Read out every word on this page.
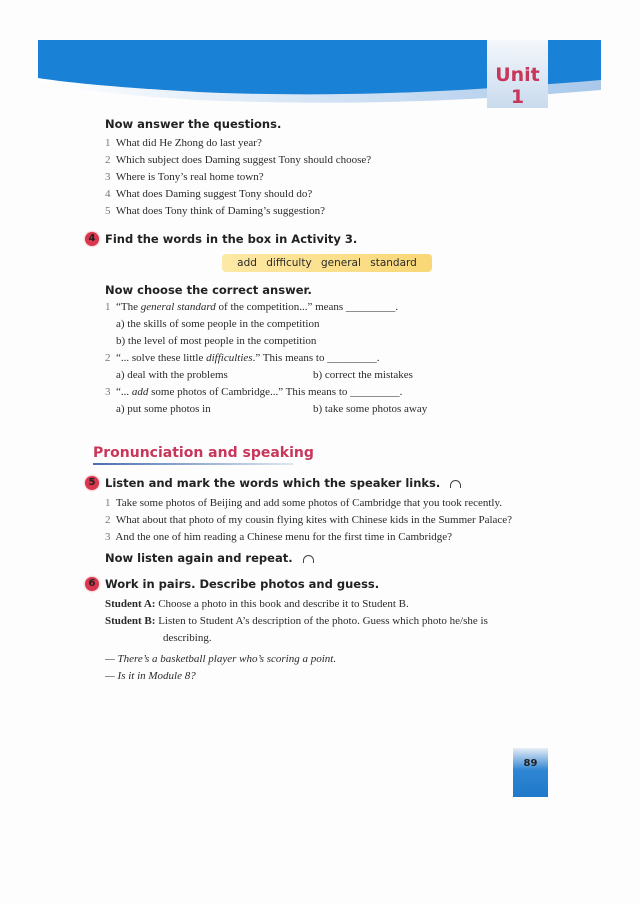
Unit 1
Now answer the questions.
1 What did He Zhong do last year?
2 Which subject does Daming suggest Tony should choose?
3 Where is Tony’s real home town?
4 What does Daming suggest Tony should do?
5 What does Tony think of Daming’s suggestion?
4 Find the words in the box in Activity 3.
add difficulty general standard
Now choose the correct answer.
1 “The general standard of the competition...” means _________.
a) the skills of some people in the competition
b) the level of most people in the competition
2 “... solve these little difficulties.” This means to _________.
a) deal with the problems	b) correct the mistakes
3 “... add some photos of Cambridge...” This means to _________.
a) put some photos in	b) take some photos away
Pronunciation and speaking
5 Listen and mark the words which the speaker links.
1 Take some photos of Beijing and add some photos of Cambridge that you took recently.
2 What about that photo of my cousin flying kites with Chinese kids in the Summer Palace?
3 And the one of him reading a Chinese menu for the first time in Cambridge?
Now listen again and repeat.
6 Work in pairs. Describe photos and guess.
Student A: Choose a photo in this book and describe it to Student B.
Student B: Listen to Student A’s description of the photo. Guess which photo he/she is
describing.
— There’s a basketball player who’s scoring a point.
— Is it in Module 8?
89
